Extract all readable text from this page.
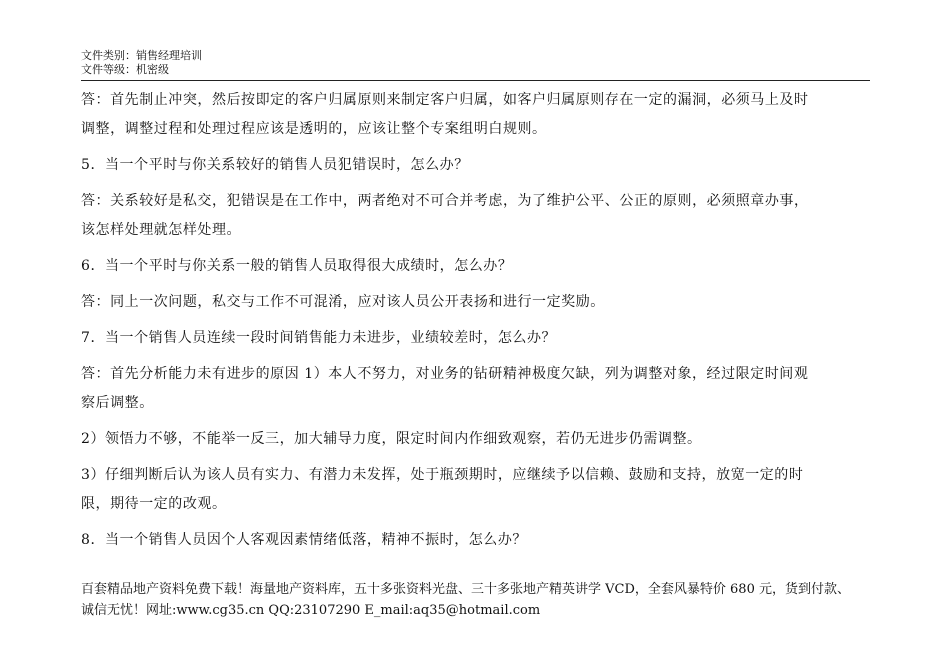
文件类别：销售经理培训
文件等级：机密级

答：首先制止冲突，然后按即定的客户归属原则来制定客户归属，如客户归属原则存在一定的漏洞，必须马上及时

调整，调整过程和处理过程应该是透明的，应该让整个专案组明白规则。

5．当一个平时与你关系较好的销售人员犯错误时，怎么办？

答：关系较好是私交，犯错误是在工作中，两者绝对不可合并考虑，为了维护公平、公正的原则，必须照章办事，

该怎样处理就怎样处理。

6．当一个平时与你关系一般的销售人员取得很大成绩时，怎么办？

答：同上一次问题，私交与工作不可混淆，应对该人员公开表扬和进行一定奖励。

7．当一个销售人员连续一段时间销售能力未进步，业绩较差时，怎么办？

答：首先分析能力未有进步的原因 1）本人不努力，对业务的钻研精神极度欠缺，列为调整对象，经过限定时间观

察后调整。

2）领悟力不够，不能举一反三，加大辅导力度，限定时间内作细致观察，若仍无进步仍需调整。

3）仔细判断后认为该人员有实力、有潜力未发挥，处于瓶颈期时，应继续予以信赖、鼓励和支持，放宽一定的时

限，期待一定的改观。

8．当一个销售人员因个人客观因素情绪低落，精神不振时，怎么办？

百套精品地产资料免费下载！海量地产资料库，五十多张资料光盘、三十多张地产精英讲学 VCD，全套风暴特价 680 元，货到付款、
诚信无忧！网址:www.cg35.cn QQ:23107290 E_mail:aq35@hotmail.com
